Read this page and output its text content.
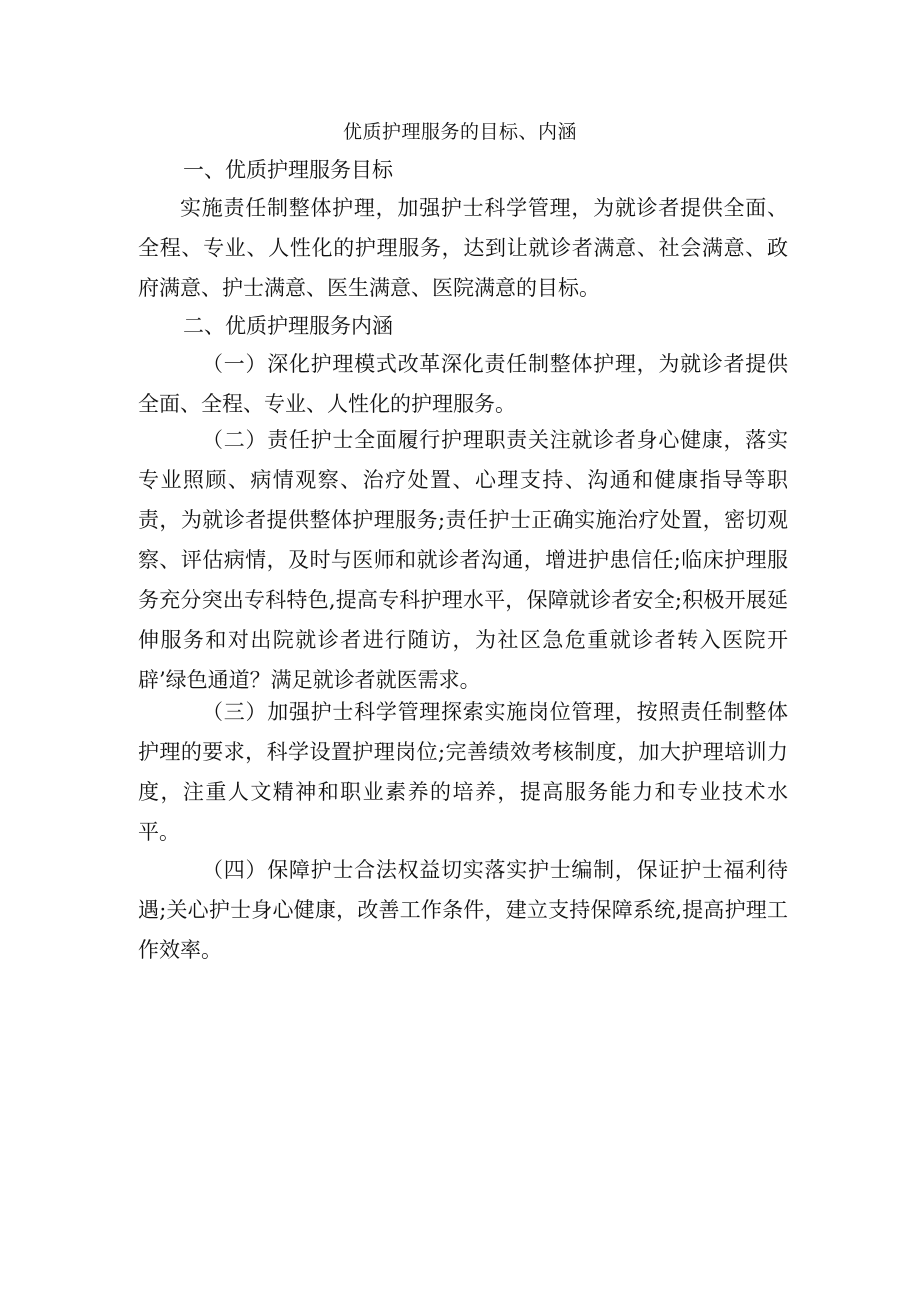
优质护理服务的目标、内涵
一、优质护理服务目标
实施责任制整体护理，加强护士科学管理，为就诊者提供全面、全程、专业、人性化的护理服务，达到让就诊者满意、社会满意、政府满意、护士满意、医生满意、医院满意的目标。
二、优质护理服务内涵
（一）深化护理模式改革深化责任制整体护理，为就诊者提供全面、全程、专业、人性化的护理服务。
（二）责任护士全面履行护理职责关注就诊者身心健康，落实专业照顾、病情观察、治疗处置、心理支持、沟通和健康指导等职责，为就诊者提供整体护理服务;责任护士正确实施治疗处置，密切观察、评估病情，及时与医师和就诊者沟通，增进护患信任;临床护理服务充分突出专科特色,提高专科护理水平，保障就诊者安全;积极开展延伸服务和对出院就诊者进行随访，为社区急危重就诊者转入医院开辟’绿色通道？满足就诊者就医需求。
（三）加强护士科学管理探索实施岗位管理，按照责任制整体护理的要求，科学设置护理岗位;完善绩效考核制度，加大护理培训力度，注重人文精神和职业素养的培养，提高服务能力和专业技术水平。
（四）保障护士合法权益切实落实护士编制，保证护士福利待遇;关心护士身心健康，改善工作条件，建立支持保障系统,提高护理工作效率。
